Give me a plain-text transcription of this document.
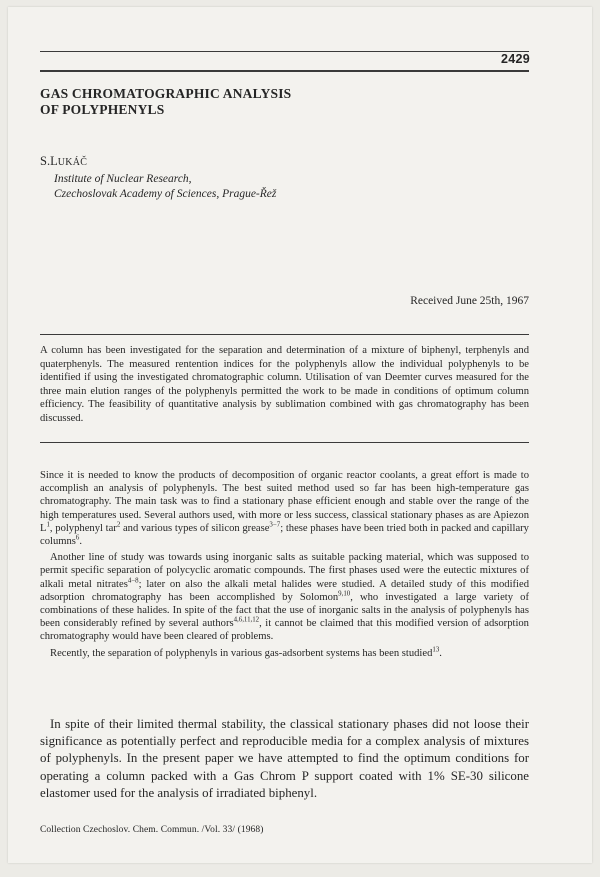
2429
GAS CHROMATOGRAPHIC ANALYSIS
OF POLYPHENYLS
S.LUKÁČ
Institute of Nuclear Research,
Czechoslovak Academy of Sciences, Prague-Řež
Received June 25th, 1967
A column has been investigated for the separation and determination of a mixture of biphenyl, terphenyls and quaterphenyls. The measured rentention indices for the polyphenyls allow the individual polyphenyls to be identified if using the investigated chromatographic column. Utilisation of van Deemter curves measured for the three main elution ranges of the polyphenyls permitted the work to be made in conditions of optimum column efficiency. The feasibility of quantitative analysis by sublimation combined with gas chromatography has been discussed.

Since it is needed to know the products of decomposition of organic reactor coolants, a great effort is made to accomplish an analysis of polyphenyls. The best suited method used so far has been high-temperature gas chromatography. The main task was to find a stationary phase efficient enough and stable over the range of the high temperatures used. Several authors used, with more or less success, classical stationary phases as are Apiezon $L^1$, polyphenyl tar$^2$ and various types of silicon grease$^{3-7}$; these phases have been tried both in packed and capillary columns$^6$.

Another line of study was towards using inorganic salts as suitable packing material, which was supposed to permit specific separation of polycyclic aromatic compounds. The first phases used were the eutectic mixtures of alkali metal nitrates$^{4-8}$; later on also the alkali metal halides were studied. A detailed study of this modified adsorption chromatography has been accomplished by Solomon$^{9,10}$, who investigated a large variety of combinations of these halides. In spite of the fact that the use of inorganic salts in the analysis of polyphenyls has been considerably refined by several authors$^{4,6,11,12}$, it cannot be claimed that this modified version of adsorption chromatography would have been cleared of problems.

Recently, the separation of polyphenyls in various gas-adsorbent systems has been studied$^{13}$.

In spite of their limited thermal stability, the classical stationary phases did not loose their significance as potentially perfect and reproducible media for a complex analysis of mixtures of polyphenyls. In the present paper we have attempted to find the optimum conditions for operating a column packed with a Gas Chrom P support coated with 1% SE-30 silicone elastomer used for the analysis of irradiated biphenyl.

Collection Czechoslov. Chem. Commun. /Vol. 33/ (1968)
